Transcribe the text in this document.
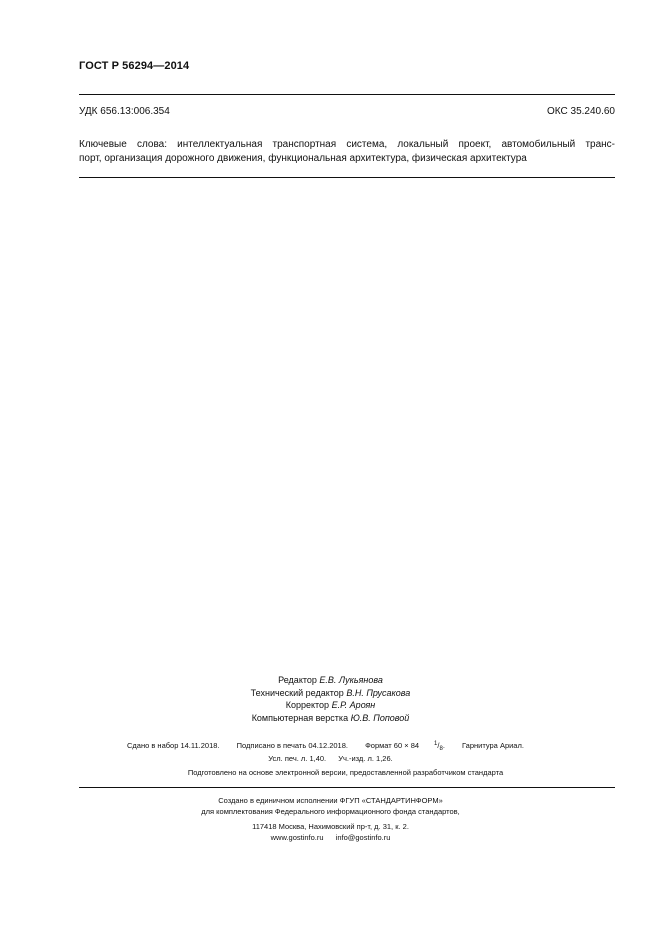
ГОСТ Р 56294—2014
УДК 656.13:006.354	ОКС 35.240.60
Ключевые слова: интеллектуальная транспортная система, локальный проект, автомобильный транс-
порт, организация дорожного движения, функциональная архитектура, физическая архитектура
Редактор Е.В. Лукьянова
Технический редактор В.Н. Прусакова
Корректор Е.Р. Ароян
Компьютерная верстка Ю.В. Поповой
Сдано в набор 14.11.2018. Подписано в печать 04.12.2018. Формат 60 × 84	$^1/_8$. Гарнитура Ариал.
Усл. печ. л. 1,40. Уч.-изд. л. 1,26.
Подготовлено на основе электронной версии, предоставленной разработчиком стандарта
Создано в единичном исполнении ФГУП «СТАНДАРТИНФОРМ»
для комплектования Федерального информационного фонда стандартов,
117418 Москва, Нахимовский пр-т, д. 31, к. 2.
www.gostinfo.ru info@gostinfo.ru
